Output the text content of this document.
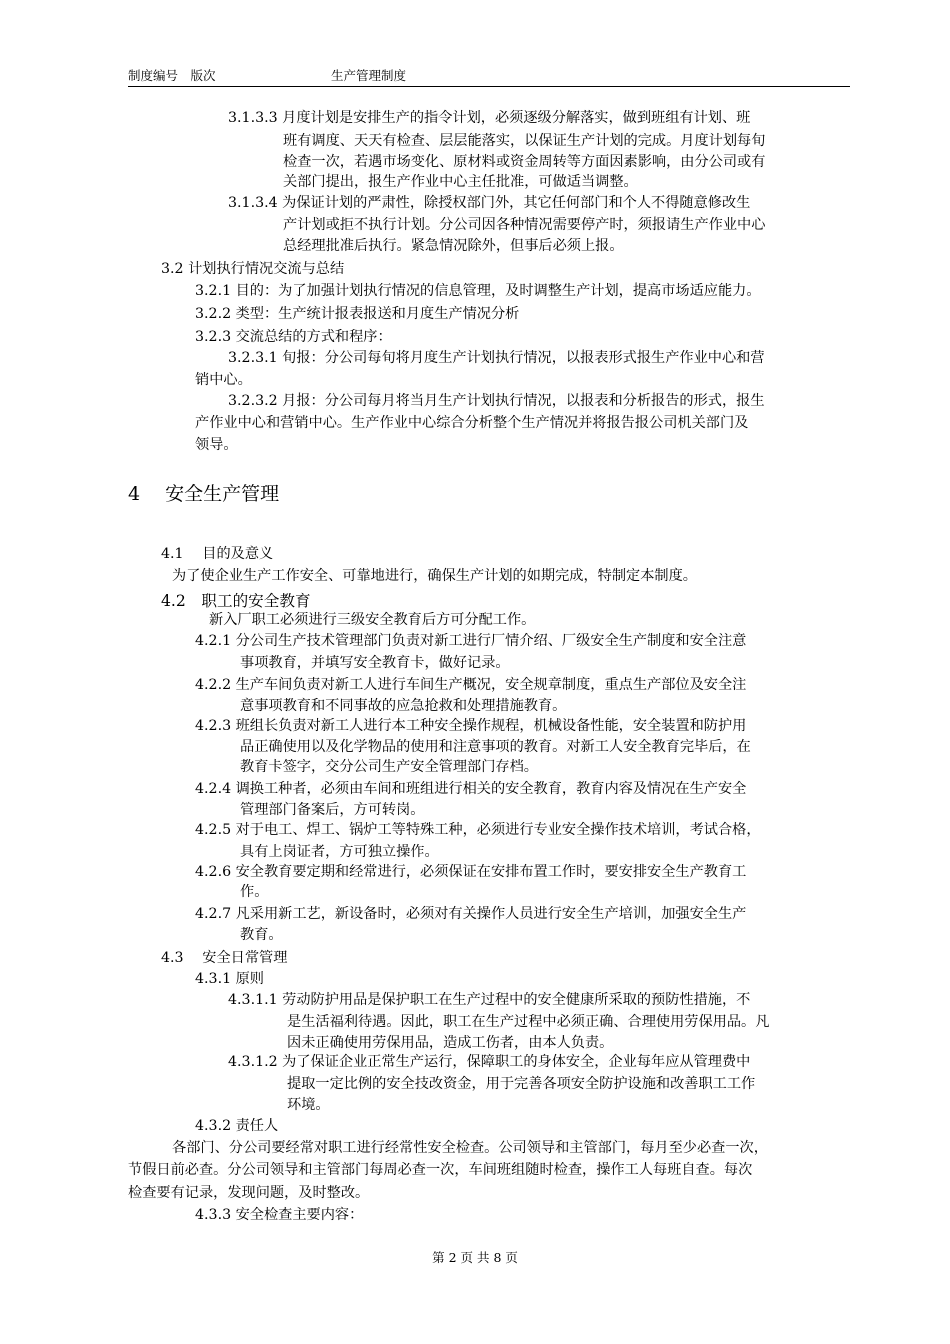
制度编号　版次	生产管理制度
3.1.3.3 月度计划是安排生产的指令计划，必须逐级分解落实，做到班组有计划、班
班有调度、天天有检查、层层能落实，以保证生产计划的完成。月度计划每旬
检查一次，若遇市场变化、原材料或资金周转等方面因素影响，由分公司或有
关部门提出，报生产作业中心主任批准，可做适当调整。
3.1.3.4 为保证计划的严肃性，除授权部门外，其它任何部门和个人不得随意修改生
产计划或拒不执行计划。分公司因各种情况需要停产时，须报请生产作业中心
总经理批准后执行。紧急情况除外，但事后必须上报。
3.2 计划执行情况交流与总结
3.2.1 目的：为了加强计划执行情况的信息管理，及时调整生产计划，提高市场适应能力。
3.2.2 类型：生产统计报表报送和月度生产情况分析
3.2.3 交流总结的方式和程序：
3.2.3.1 旬报：分公司每旬将月度生产计划执行情况，以报表形式报生产作业中心和营
销中心。
3.2.3.2 月报：分公司每月将当月生产计划执行情况，以报表和分析报告的形式，报生
产作业中心和营销中心。生产作业中心综合分析整个生产情况并将报告报公司机关部门及
领导。
4　 安全生产管理
4.1　 目的及意义
为了使企业生产工作安全、可靠地进行，确保生产计划的如期完成，特制定本制度。
4.2　职工的安全教育
新入厂职工必须进行三级安全教育后方可分配工作。
4.2.1 分公司生产技术管理部门负责对新工进行厂情介绍、厂级安全生产制度和安全注意
事项教育，并填写安全教育卡，做好记录。
4.2.2 生产车间负责对新工人进行车间生产概况，安全规章制度，重点生产部位及安全注
意事项教育和不同事故的应急抢救和处理措施教育。
4.2.3 班组长负责对新工人进行本工种安全操作规程，机械设备性能，安全装置和防护用
品正确使用以及化学物品的使用和注意事项的教育。对新工人安全教育完毕后，在
教育卡签字，交分公司生产安全管理部门存档。
4.2.4 调换工种者，必须由车间和班组进行相关的安全教育，教育内容及情况在生产安全
管理部门备案后，方可转岗。
4.2.5 对于电工、焊工、锅炉工等特殊工种，必须进行专业安全操作技术培训，考试合格，
具有上岗证者，方可独立操作。
4.2.6 安全教育要定期和经常进行，必须保证在安排布置工作时，要安排安全生产教育工
作。
4.2.7 凡采用新工艺，新设备时，必须对有关操作人员进行安全生产培训，加强安全生产
教育。
4.3　 安全日常管理
4.3.1 原则
4.3.1.1 劳动防护用品是保护职工在生产过程中的安全健康所采取的预防性措施，不
是生活福利待遇。因此，职工在生产过程中必须正确、合理使用劳保用品。凡
因未正确使用劳保用品，造成工伤者，由本人负责。
4.3.1.2 为了保证企业正常生产运行，保障职工的身体安全，企业每年应从管理费中
提取一定比例的安全技改资金，用于完善各项安全防护设施和改善职工工作
环境。
4.3.2 责任人
各部门、分公司要经常对职工进行经常性安全检查。公司领导和主管部门，每月至少必查一次，
节假日前必查。分公司领导和主管部门每周必查一次，车间班组随时检查，操作工人每班自查。每次
检查要有记录，发现问题，及时整改。
4.3.3 安全检查主要内容：
第 2 页 共 8 页
